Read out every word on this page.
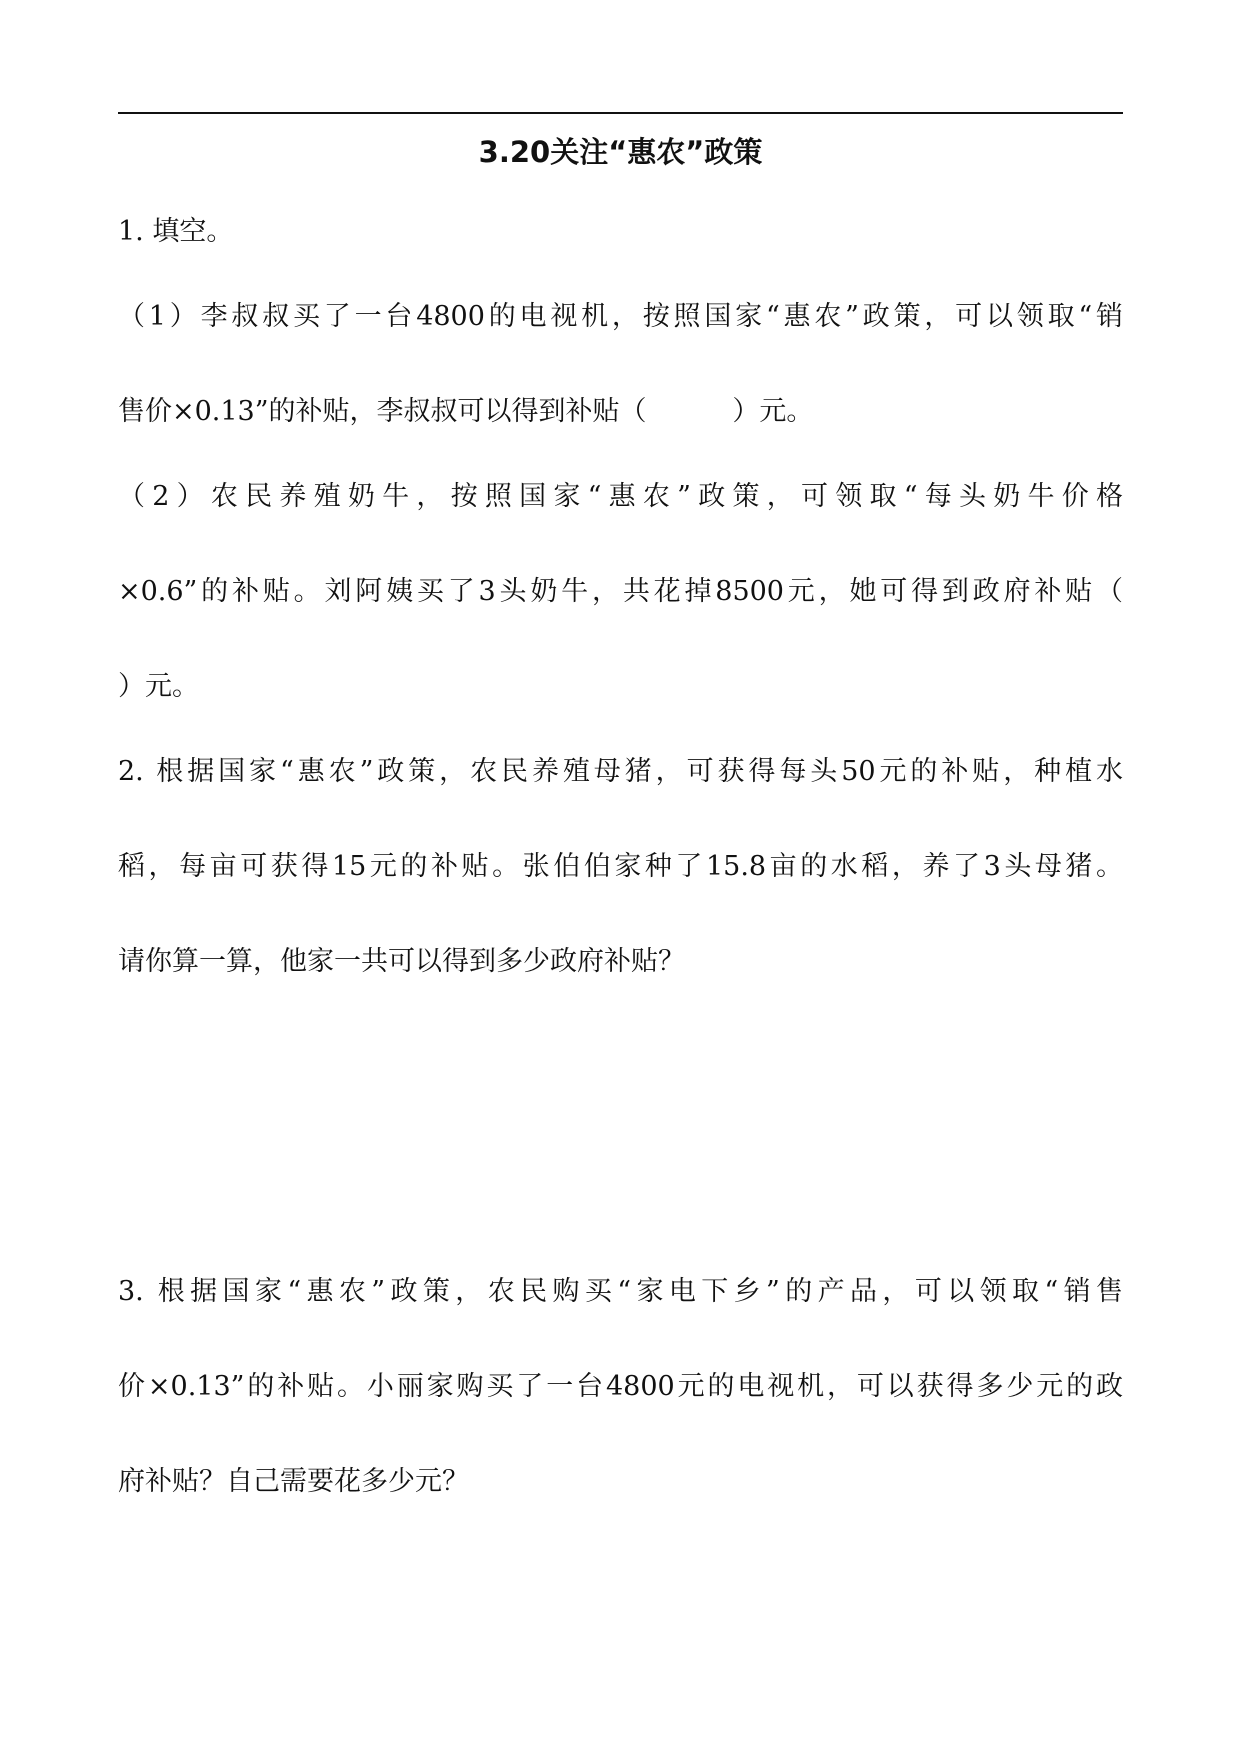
3.20关注“惠农”政策
1. 填空。
（1）李叔叔买了一台4800的电视机，按照国家“惠农”政策，可以领取“销
售价×0.13”的补贴，李叔叔可以得到补贴（          ）元。
（2）农民养殖奶牛，按照国家“惠农”政策，可领取“每头奶牛价格
×0.6”的补贴。刘阿姨买了3头奶牛，共花掉8500元，她可得到政府补贴（
）元。
2. 根据国家“惠农”政策，农民养殖母猪，可获得每头50元的补贴，种植水
稻，每亩可获得15元的补贴。张伯伯家种了15.8亩的水稻，养了3头母猪。
请你算一算，他家一共可以得到多少政府补贴？
3. 根据国家“惠农”政策，农民购买“家电下乡”的产品，可以领取“销售
价×0.13”的补贴。小丽家购买了一台4800元的电视机，可以获得多少元的政
府补贴？自己需要花多少元？
